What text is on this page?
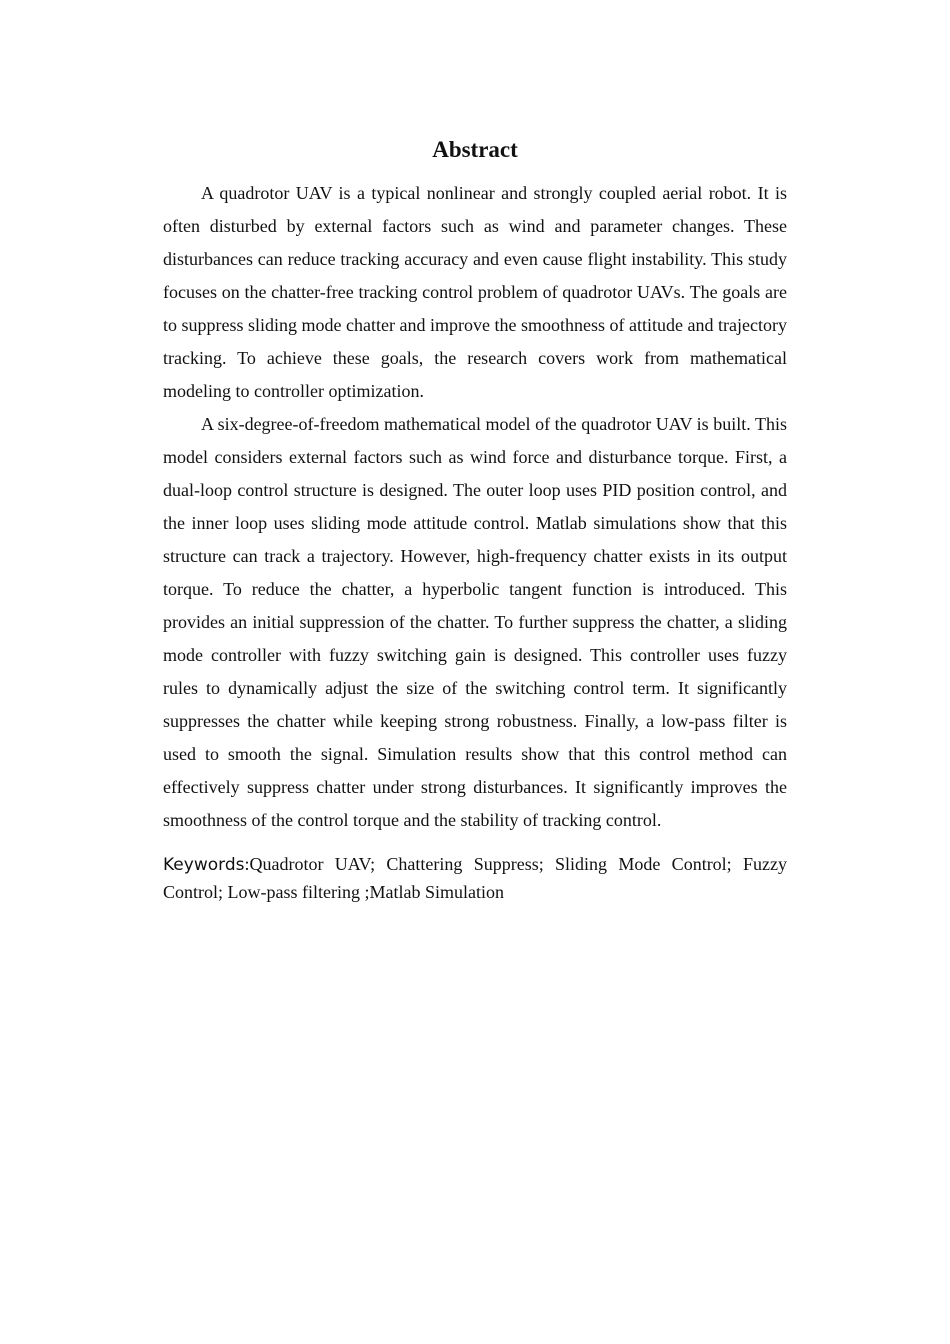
Abstract

A quadrotor UAV is a typical nonlinear and strongly coupled aerial robot. It is often disturbed by external factors such as wind and parameter changes. These disturbances can reduce tracking accuracy and even cause flight instability. This study focuses on the chatter-free tracking control problem of quadrotor UAVs. The goals are to suppress sliding mode chatter and improve the smoothness of attitude and trajectory tracking. To achieve these goals, the research covers work from mathematical modeling to controller optimization.

A six-degree-of-freedom mathematical model of the quadrotor UAV is built. This model considers external factors such as wind force and disturbance torque. First, a dual-loop control structure is designed. The outer loop uses PID position control, and the inner loop uses sliding mode attitude control. Matlab simulations show that this structure can track a trajectory. However, high-frequency chatter exists in its output torque. To reduce the chatter, a hyperbolic tangent function is introduced. This provides an initial suppression of the chatter. To further suppress the chatter, a sliding mode controller with fuzzy switching gain is designed. This controller uses fuzzy rules to dynamically adjust the size of the switching control term. It significantly suppresses the chatter while keeping strong robustness. Finally, a low-pass filter is used to smooth the signal. Simulation results show that this control method can effectively suppress chatter under strong disturbances. It significantly improves the smoothness of the control torque and the stability of tracking control.

Keywords:Quadrotor UAV; Chattering Suppress; Sliding Mode Control; Fuzzy Control; Low-pass filtering ;Matlab Simulation
